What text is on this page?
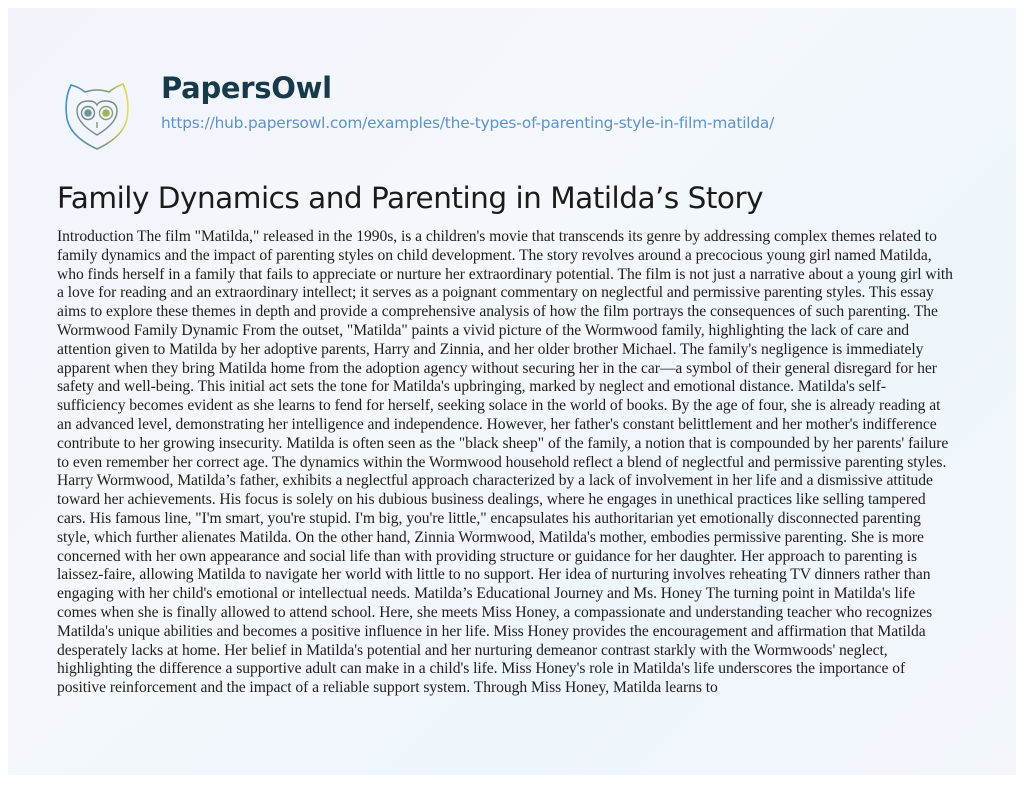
PapersOwl
https://hub.papersowl.com/examples/the-types-of-parenting-style-in-film-matilda/
Family Dynamics and Parenting in Matilda’s Story
Introduction The film "Matilda," released in the 1990s, is a children's movie that transcends its genre by addressing complex themes related to
family dynamics and the impact of parenting styles on child development. The story revolves around a precocious young girl named Matilda,
who finds herself in a family that fails to appreciate or nurture her extraordinary potential. The film is not just a narrative about a young girl with
a love for reading and an extraordinary intellect; it serves as a poignant commentary on neglectful and permissive parenting styles. This essay
aims to explore these themes in depth and provide a comprehensive analysis of how the film portrays the consequences of such parenting. The
Wormwood Family Dynamic From the outset, "Matilda" paints a vivid picture of the Wormwood family, highlighting the lack of care and
attention given to Matilda by her adoptive parents, Harry and Zinnia, and her older brother Michael. The family's negligence is immediately
apparent when they bring Matilda home from the adoption agency without securing her in the car—a symbol of their general disregard for her
safety and well-being. This initial act sets the tone for Matilda's upbringing, marked by neglect and emotional distance. Matilda's self-
sufficiency becomes evident as she learns to fend for herself, seeking solace in the world of books. By the age of four, she is already reading at
an advanced level, demonstrating her intelligence and independence. However, her father's constant belittlement and her mother's indifference
contribute to her growing insecurity. Matilda is often seen as the "black sheep" of the family, a notion that is compounded by her parents' failure
to even remember her correct age. The dynamics within the Wormwood household reflect a blend of neglectful and permissive parenting styles.
Harry Wormwood, Matilda’s father, exhibits a neglectful approach characterized by a lack of involvement in her life and a dismissive attitude
toward her achievements. His focus is solely on his dubious business dealings, where he engages in unethical practices like selling tampered
cars. His famous line, "I'm smart, you're stupid. I'm big, you're little," encapsulates his authoritarian yet emotionally disconnected parenting
style, which further alienates Matilda. On the other hand, Zinnia Wormwood, Matilda's mother, embodies permissive parenting. She is more
concerned with her own appearance and social life than with providing structure or guidance for her daughter. Her approach to parenting is
laissez-faire, allowing Matilda to navigate her world with little to no support. Her idea of nurturing involves reheating TV dinners rather than
engaging with her child's emotional or intellectual needs. Matilda’s Educational Journey and Ms. Honey The turning point in Matilda's life
comes when she is finally allowed to attend school. Here, she meets Miss Honey, a compassionate and understanding teacher who recognizes
Matilda's unique abilities and becomes a positive influence in her life. Miss Honey provides the encouragement and affirmation that Matilda
desperately lacks at home. Her belief in Matilda's potential and her nurturing demeanor contrast starkly with the Wormwoods' neglect,
highlighting the difference a supportive adult can make in a child's life. Miss Honey's role in Matilda's life underscores the importance of
positive reinforcement and the impact of a reliable support system. Through Miss Honey, Matilda learns to
